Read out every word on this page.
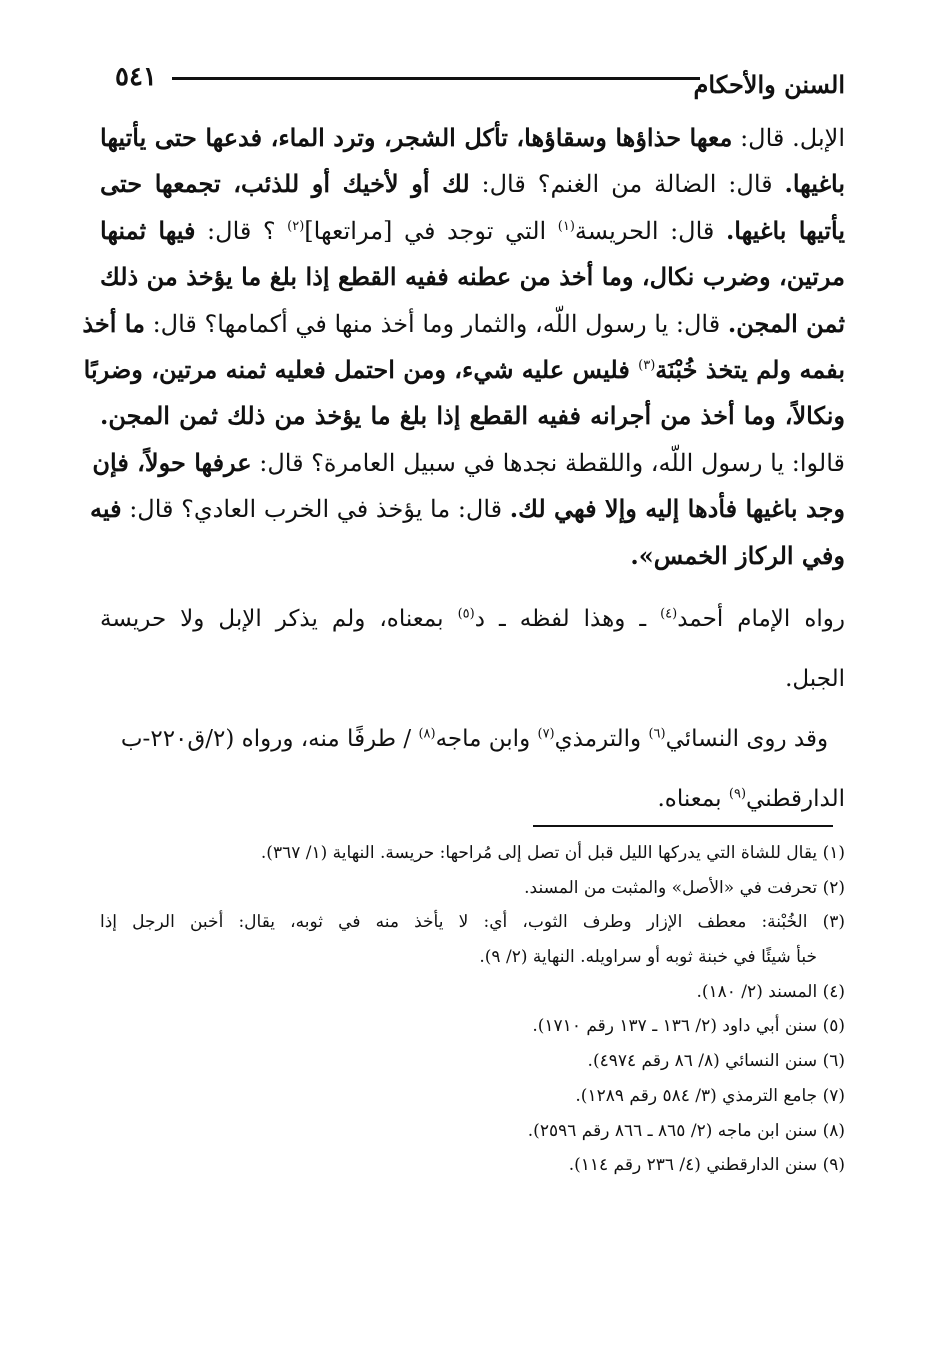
٥٤١	السنن والأحكام
الإبل. قال: معها حذاؤها وسقاؤها، تأكل الشجر، وترد الماء، فدعها حتى يأتيها
باغيها. قال: الضالة من الغنم؟ قال: لك أو لأخيك أو للذئب، تجمعها حتى
يأتيها باغيها. قال: الحريسة$^{(١)}$ التي توجد في [مراتعها]$^{(٢)}$ ؟ قال: فيها ثمنها
مرتين، وضرب نكال، وما أخذ من عطنه ففيه القطع إذا بلغ ما يؤخذ من ذلك
ثمن المجن. قال: يا رسول اللّه، والثمار وما أخذ منها في أكمامها؟ قال: ما أخذ
بفمه ولم يتخذ خُبْنَة$^{(٣)}$ فليس عليه شيء، ومن احتمل فعليه ثمنه مرتين، وضربًا
ونكالاً، وما أخذ من أجرانه ففيه القطع إذا بلغ ما يؤخذ من ذلك ثمن المجن.
قالوا: يا رسول اللّه، واللقطة نجدها في سبيل العامرة؟ قال: عرفها حولاً، فإن
وجد باغيها فأدها إليه وإلا فهي لك. قال: ما يؤخذ في الخرب العادي؟ قال: فيه
وفي الركاز الخمس».
رواه الإمام أحمد$^{(٤)}$ ـ وهذا لفظه ـ د$^{(٥)}$ بمعناه، ولم يذكر الإبل ولا حريسة
الجبل.
وقد روى النسائي$^{(٦)}$ والترمذي$^{(٧)}$ وابن ماجه$^{(٨)}$ / طرفًا منه، ورواه (٢/ق٢٢٠-ب
الدارقطني$^{(٩)}$ بمعناه.
(١) يقال للشاة التي يدركها الليل قبل أن تصل إلى مُراحها: حريسة. النهاية (١/ ٣٦٧).
(٢) تحرفت في «الأصل» والمثبت من المسند.
(٣) الخُبْنة: معطف الإزار وطرف الثوب، أي: لا يأخذ منه في ثوبه، يقال: أخبن الرجل إذا
خبأ شيئًا في خبنة ثوبه أو سراويله. النهاية (٢/ ٩).
(٤) المسند (٢/ ١٨٠).
(٥) سنن أبي داود (٢/ ١٣٦ ـ ١٣٧ رقم ١٧١٠).
(٦) سنن النسائي (٨/ ٨٦ رقم ٤٩٧٤).
(٧) جامع الترمذي (٣/ ٥٨٤ رقم ١٢٨٩).
(٨) سنن ابن ماجه (٢/ ٨٦٥ ـ ٨٦٦ رقم ٢٥٩٦).
(٩) سنن الدارقطني (٤/ ٢٣٦ رقم ١١٤).
